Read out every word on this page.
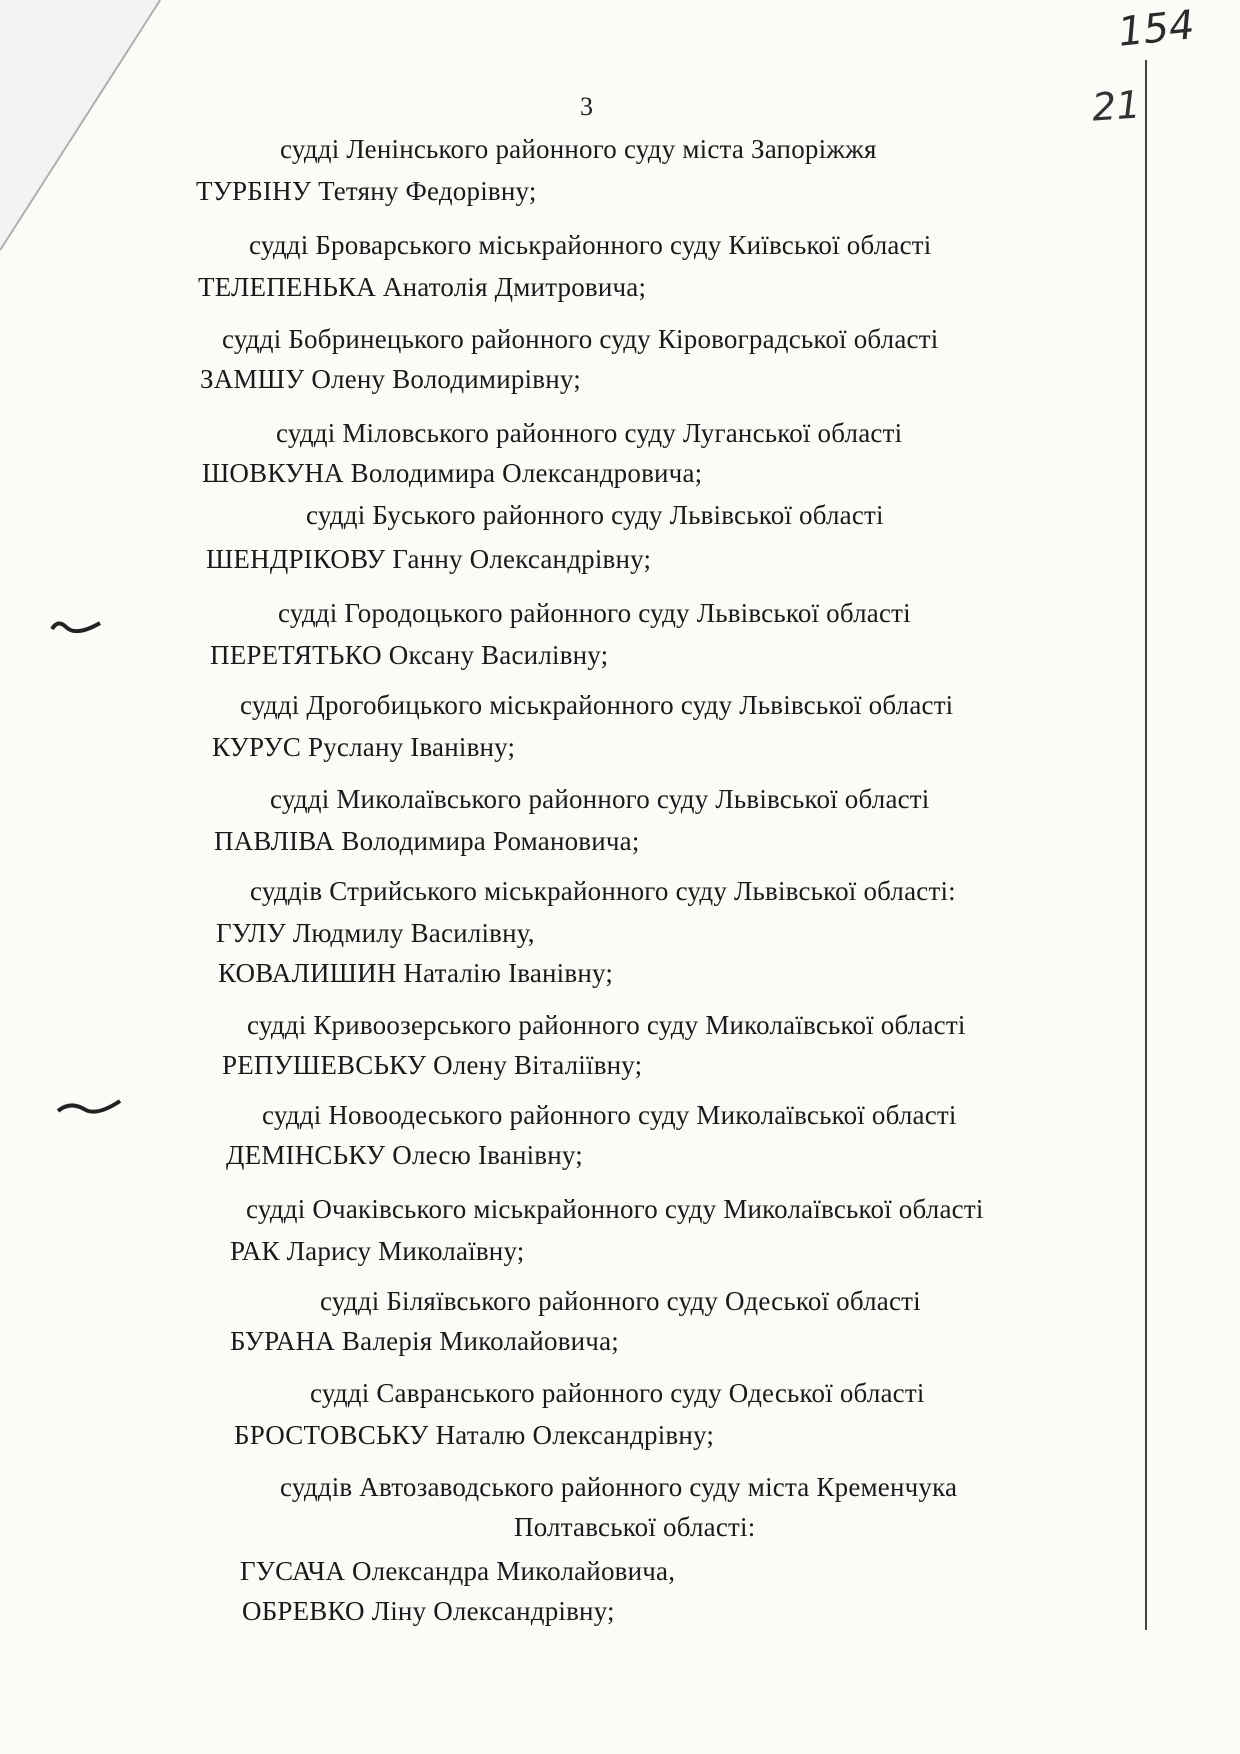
154
21
3
судді Ленінського районного суду міста Запоріжжя
ТУРБІНУ Тетяну Федорівну;
судді Броварського міськрайонного суду Київської області
ТЕЛЕПЕНЬКА Анатолія Дмитровича;
судді Бобринецького районного суду Кіровоградської області
ЗАМШУ Олену Володимирівну;
судді Міловського районного суду Луганської області
ШОВКУНА Володимира Олександровича;
судді Буського районного суду Львівської області
ШЕНДРІКОВУ Ганну Олександрівну;
судді Городоцького районного суду Львівської області
ПЕРЕТЯТЬКО Оксану Василівну;
судді Дрогобицького міськрайонного суду Львівської області
КУРУС Руслану Іванівну;
судді Миколаївського районного суду Львівської області
ПАВЛІВА Володимира Романовича;
суддів Стрийського міськрайонного суду Львівської області:
ГУЛУ Людмилу Василівну,
КОВАЛИШИН Наталію Іванівну;
судді Кривоозерського районного суду Миколаївської області
РЕПУШЕВСЬКУ Олену Віталіївну;
судді Новоодеського районного суду Миколаївської області
ДЕМІНСЬКУ Олесю Іванівну;
судді Очаківського міськрайонного суду Миколаївської області
РАК Ларису Миколаївну;
судді Біляївського районного суду Одеської області
БУРАНА Валерія Миколайовича;
судді Савранського районного суду Одеської області
БРОСТОВСЬКУ Наталю Олександрівну;
суддів Автозаводського районного суду міста Кременчука
Полтавської області:
ГУСАЧА Олександра Миколайовича,
ОБРЕВКО Ліну Олександрівну;
